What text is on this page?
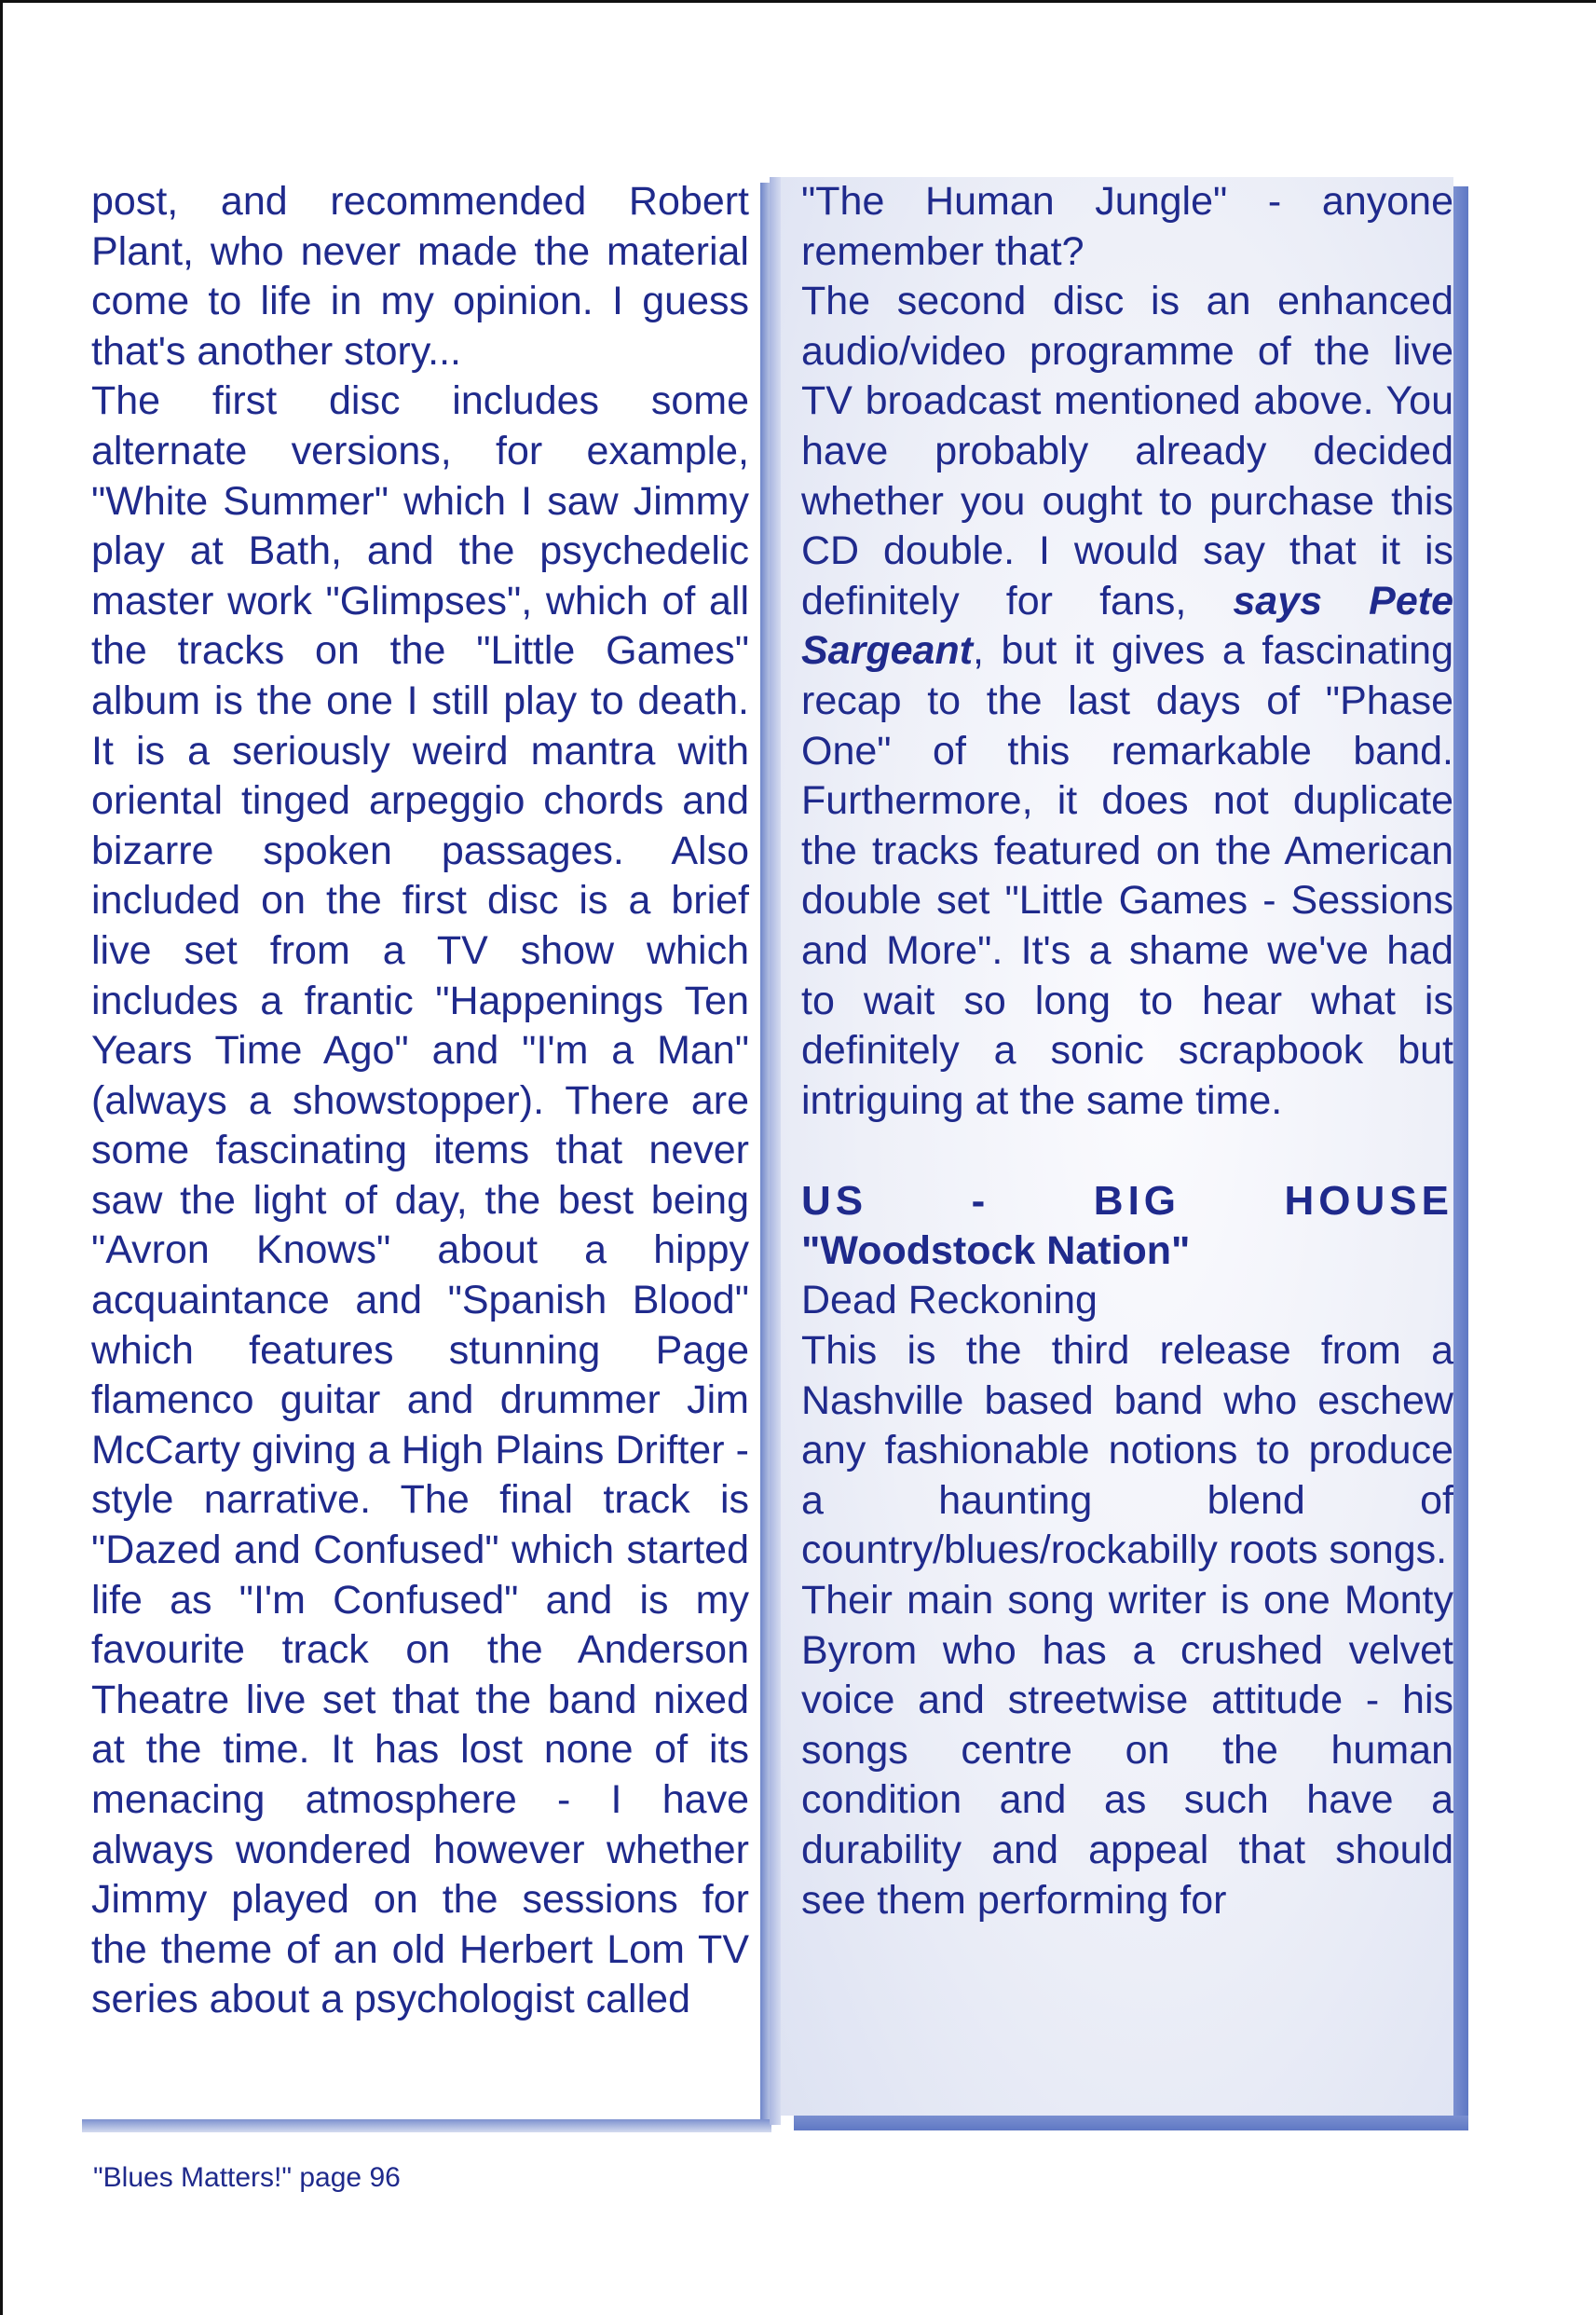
post, and recommended Robert Plant, who never made the material come to life in my opinion. I guess that's another story...

The first disc includes some alternate versions, for example, "White Summer" which I saw Jimmy play at Bath, and the psychedelic master work "Glimpses", which of all the tracks on the "Little Games" album is the one I still play to death. It is a seriously weird mantra with oriental tinged arpeggio chords and bizarre spoken passages. Also included on the first disc is a brief live set from a TV show which includes a frantic "Happenings Ten Years Time Ago" and "I'm a Man" (always a showstopper). There are some fascinating items that never saw the light of day, the best being "Avron Knows" about a hippy acquaintance and "Spanish Blood" which features stunning Page flamenco guitar and drummer Jim McCarty giving a High Plains Drifter - style narrative. The final track is "Dazed and Confused" which started life as "I'm Confused" and is my favourite track on the Anderson Theatre live set that the band nixed at the time. It has lost none of its menacing atmosphere - I have always wondered however whether Jimmy played on the sessions for the theme of an old Herbert Lom TV series about a psychologist called

"The Human Jungle" - anyone remember that?

The second disc is an enhanced audio/video programme of the live TV broadcast mentioned above. You have probably already decided whether you ought to purchase this CD double. I would say that it is definitely for fans, says Pete Sargeant, but it gives a fascinating recap to the last days of "Phase One" of this remarkable band. Furthermore, it does not duplicate the tracks featured on the American double set "Little Games - Sessions and More". It's a shame we've had to wait so long to hear what is definitely a sonic scrapbook but intriguing at the same time.

US - BIG HOUSE

"Woodstock Nation"

Dead Reckoning

This is the third release from a Nashville based band who eschew any fashionable notions to produce a haunting blend of country/blues/rockabilly roots songs.

Their main song writer is one Monty Byrom who has a crushed velvet voice and streetwise attitude - his songs centre on the human condition and as such have a durability and appeal that should see them performing for

"Blues Matters!" page 96
